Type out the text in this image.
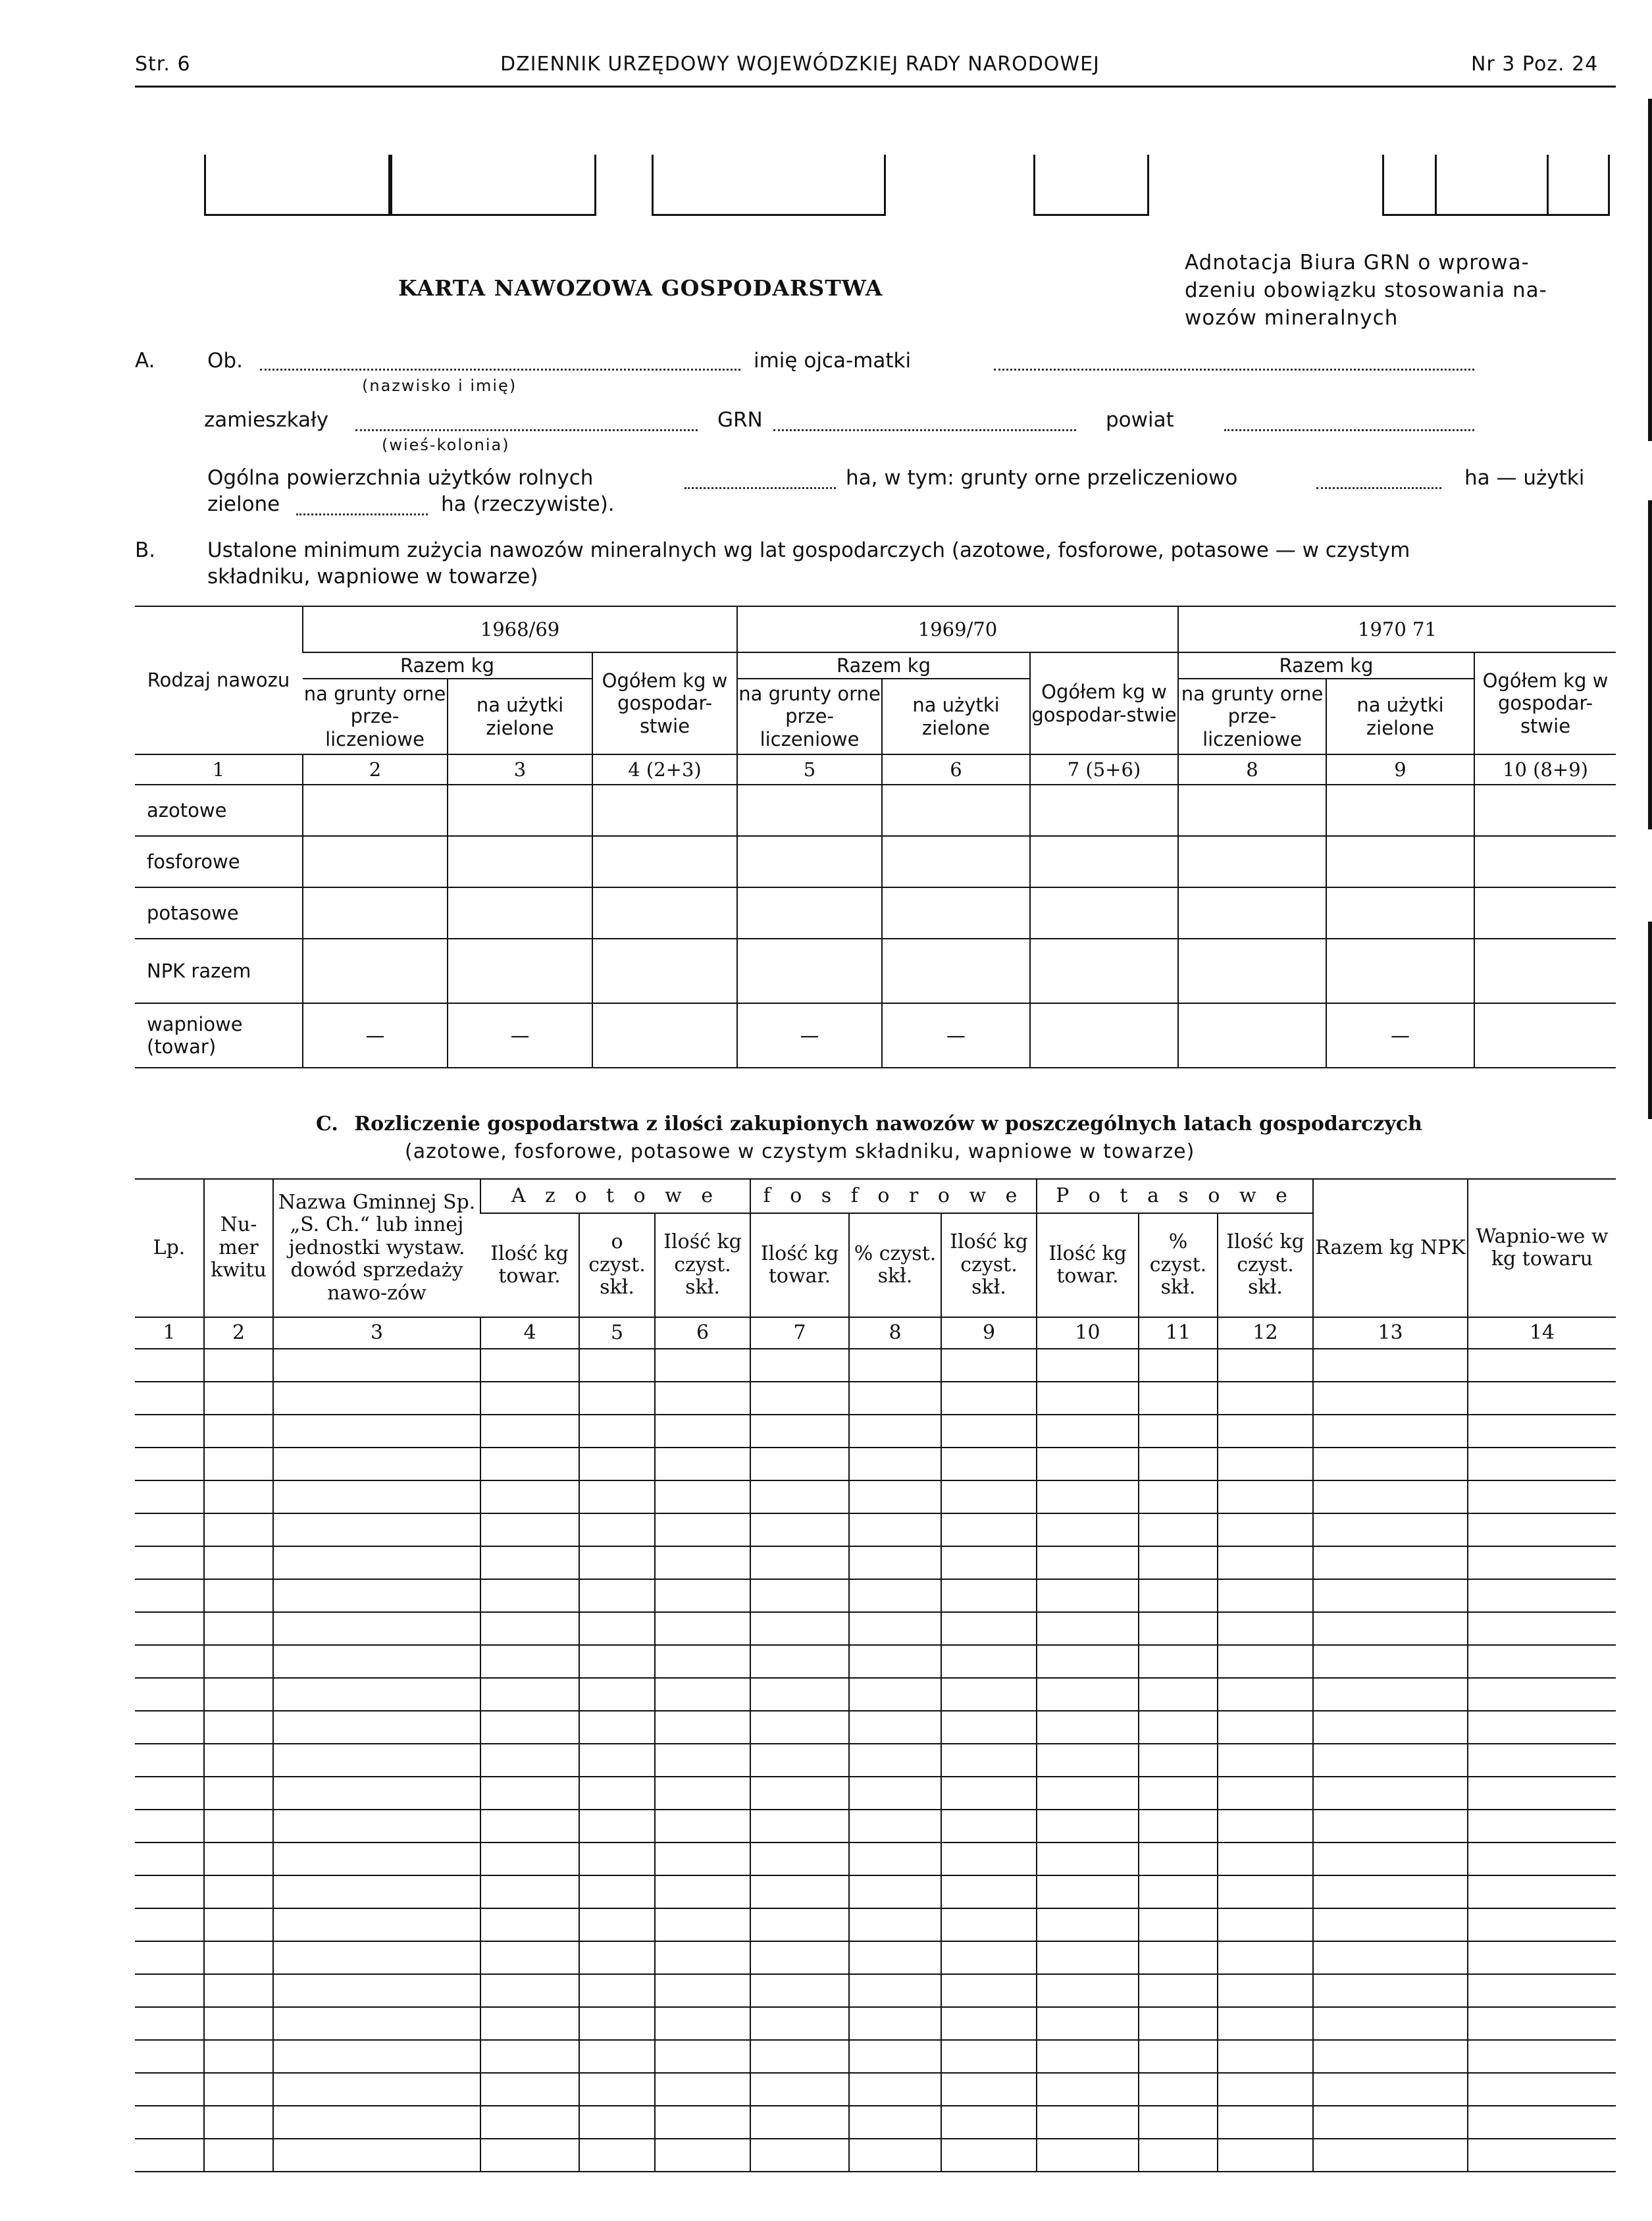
Str. 6	DZIENNIK URZĘDOWY WOJEWÓDZKIEJ RADY NARODOWEJ	Nr 3 Poz. 24
KARTA NAWOZOWA GOSPODARSTWA
Adnotacja Biura GRN o wprowa-
dzeniu obowiązku stosowania na-
wozów mineralnych
A.	Ob.	imię ojca-matki
(nazwisko i imię)
zamieszkały	GRN	powiat
(wieś-kolonia)
Ogólna powierzchnia użytków rolnych	ha, w tym: grunty orne przeliczeniowo	ha — użytki
zielone	ha (rzeczywiste).
B.	Ustalone minimum zużycia nawozów mineralnych wg lat gospodarczych (azotowe, fosforowe, potasowe — w czystym
składniku, wapniowe w towarze)
Rodzaj nawozu	1968/69			1969/70			1970 71		
	Razem kg		Ogółem kg w gospodar-stwie	Razem kg		Ogółem kg w gospodar-stwie	Razem kg		Ogółem kg w gospodar-stwie
	na grunty orne prze-liczeniowe	na użytki zielone		na grunty orne prze-liczeniowe	na użytki zielone		na grunty orne prze-liczeniowe	na użytki zielone	
1	2	3	4 (2+3)	5	6	7 (5+6)	8	9	10 (8+9)
azotowe									
fosforowe									
potasowe									
NPK razem									
wapniowe (towar)	—	—		—	—			—	
C. Rozliczenie gospodarstwa z ilości zakupionych nawozów w poszczególnych latach gospodarczych
(azotowe, fosforowe, potasowe w czystym składniku, wapniowe w towarze)
Lp.	Nu-mer kwitu	Nazwa Gminnej Sp. „S. Ch.“ lub innej jednostki wystaw. dowód sprzedaży nawo-zów	A z o t o w e			f o s f o r o w e			P o t a s o w e			Razem kg NPK	Wapnio-we w kg towaru
			Ilość kg towar.	o czyst. skł.	Ilość kg czyst. skł.	Ilość kg towar.	% czyst. skł.	Ilość kg czyst. skł.	Ilość kg towar.	% czyst. skł.	Ilość kg czyst. skł.		
1	2	3	4	5	6	7	8	9	10	11	12	13	14
